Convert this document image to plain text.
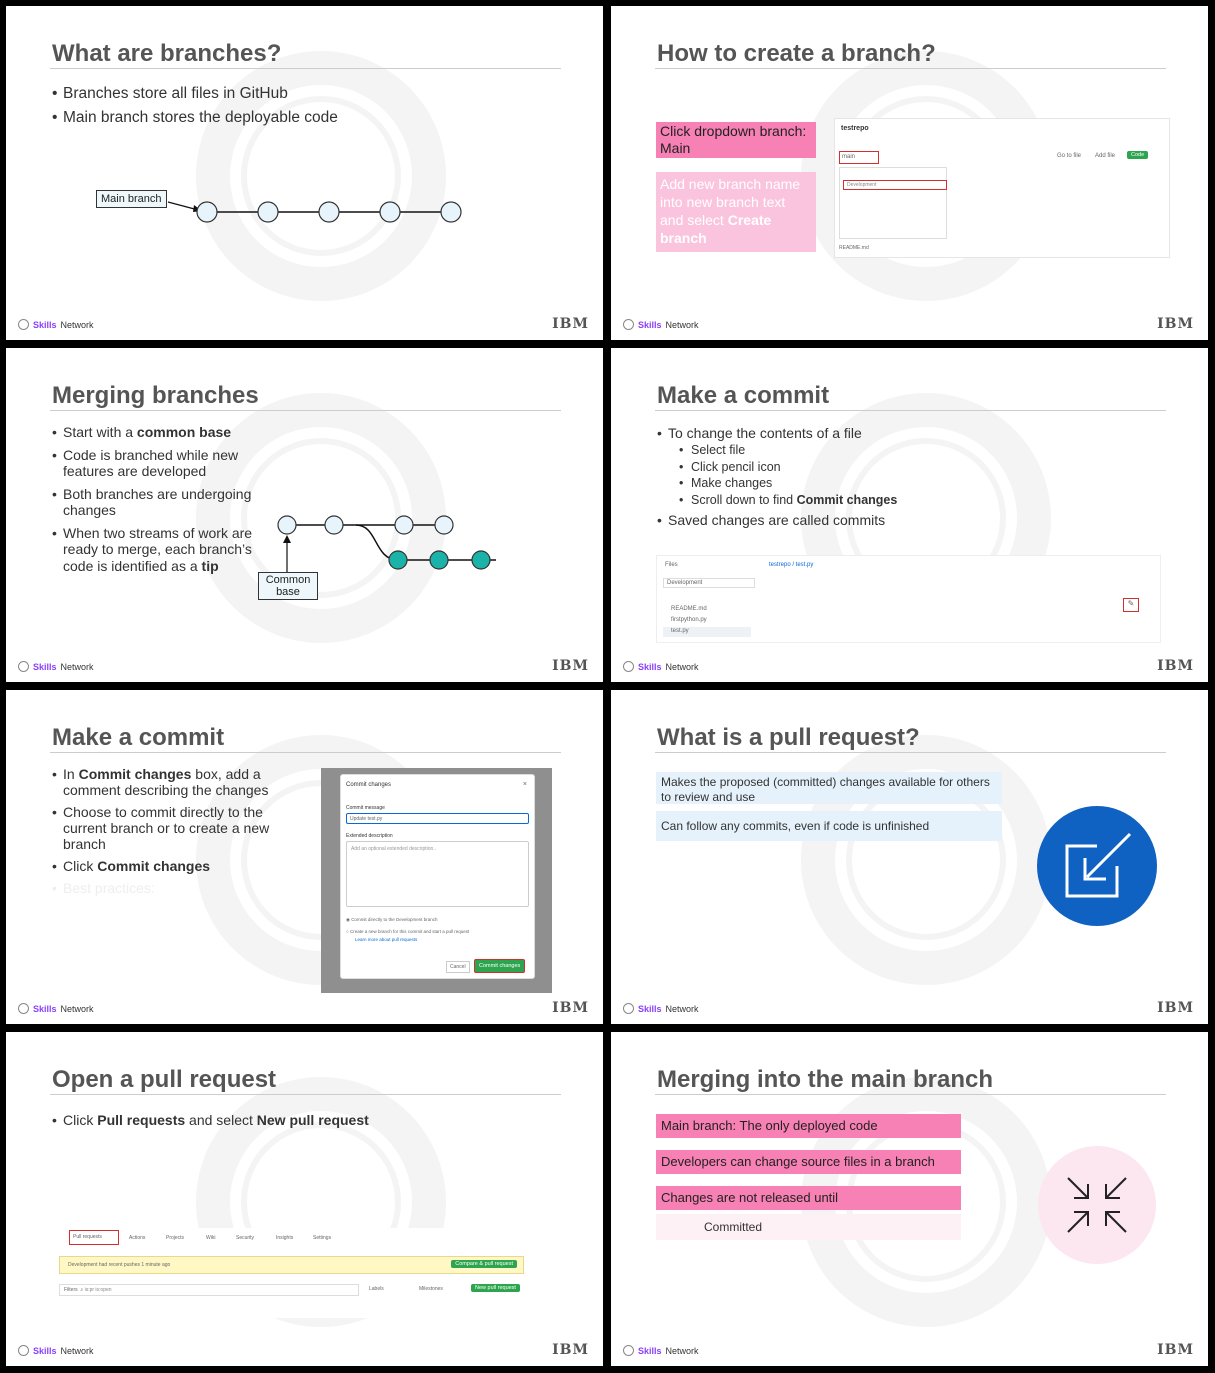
What are branches?
• Branches store all files in GitHub
• Main branch stores the deployable code
Main branch
Skills Network	IBM
How to create a branch?
Click dropdown branch: Main
Add new branch name into new branch text and select Create branch
testrepo
main	Go to file Add file	Code
Development
README.md
Skills Network	IBM
Merging branches
• Start with a common base
• Code is branched while new features are developed
• Both branches are undergoing changes
• When two streams of work are ready to merge, each branch’s code is identified as a tip
Common base
Skills Network	IBM
Make a commit
• To change the contents of a file
• Select file
• Click pencil icon
• Make changes
• Scroll down to find Commit changes
• Saved changes are called commits
Files
Development
README.md
firstpython.py
test.py
testrepo / test.py
✎
Skills Network	IBM
Make a commit
• In Commit changes box, add a comment describing the changes
• Choose to commit directly to the current branch or to create a new branch
• Click Commit changes
• Best practices:
Commit changes	×
Commit message
Update test.py
Extended description
Add an optional extended description..
◉ Commit directly to the Development branch
○ Create a new branch for this commit and start a pull request
Learn more about pull requests
Cancel	Commit changes
Skills Network	IBM
What is a pull request?
Makes the proposed (committed) changes available for others to review and use
Can follow any commits, even if code is unfinished
Skills Network	IBM
Open a pull request
• Click Pull requests and select New pull request
Pull requests	Actions	Projects	Wiki	Security	Insights	Settings
Development had recent pushes 1 minute ago	Compare & pull request
Filters  ⌕ is:pr is:open	Labels	Milestones	New pull request
Skills Network	IBM
Merging into the main branch
Main branch: The only deployed code
Developers can change source files in a branch
Changes are not released until
Committed
Skills Network	IBM
